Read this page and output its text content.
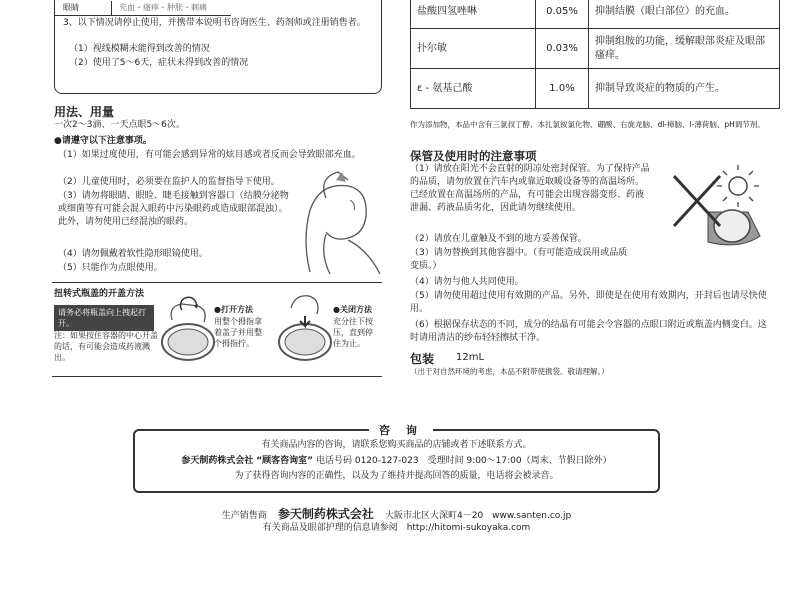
眼睛	充血・瘙痒・肿胀・刺痛
3、以下情况请停止使用，并携带本说明书咨询医生、药剂师或注册销售者。
（1）视线模糊未能得到改善的情况
（2）使用了5～6天，症状未得到改善的情况
用法、用量
一次2～3滴、一天点眼5～6次。
●请遵守以下注意事项。
（1）如果过度使用，有可能会感到异常的炫目感或者反而会导致眼部充血。
（2）儿童使用时，必须要在监护人的监督指导下使用。
（3）请勿将眼睛、眼睑、睫毛接触到容器口（结膜分泌物或细菌等有可能会混入眼药中污染眼药或造成眼部混浊）。此外，请勿使用已经混浊的眼药。
（4）请勿佩戴着软性隐形眼镜使用。
（5）只能作为点眼使用。
扭转式瓶盖的开盖方法
请务必将瓶盖向上拽起打开。
注：如果按住容器的中心开盖的话，有可能会造成药液溅出。
●打开方法
用整个拇指拿着盖子并用整个拇指拧。
●关闭方法
充分往下按压，直到停住为止。
盐酸四氢唑啉	0.05%	抑制结膜（眼白部位）的充血。
扑尔敏	0.03%	抑制组胺的功能，缓解眼部炎症及眼部瘙痒。
ε - 氨基己酸	1.0%	抑制导致炎症的物质的产生。
作为添加物，本品中含有三氯叔丁醇、本扎氯铵氯化物、硼酸、右旋龙脑、dl-樟脑、l-薄荷脑、pH调节剂。
保管及使用时的注意事项
（1）请放在阳光不会直射的阴凉处密封保管。为了保持产品的品质，请勿放置在汽车内或靠近取暖设备等的高温场所。已经放置在高温场所的产品，有可能会出现容器变形、药液泄漏、药液品质劣化，因此请勿继续使用。
（2）请放在儿童触及不到的地方妥善保管。
（3）请勿替换到其他容器中。（有可能造成误用或品质变质。）
（4）请勿与他人共同使用。
（5）请勿使用超过使用有效期的产品。另外，即使是在使用有效期内，开封后也请尽快使用。
（6）根据保存状态的不同，成分的结晶有可能会令容器的点眼口附近或瓶盖内侧变白。这时请用清洁的纱布轻轻擦拭干净。
包装 12mL
（出于对自然环境的考虑，本品不附带使携袋。敬请理解。）
咨 询
有关商品内容的咨询，请联系您购买商品的店铺或者下述联系方式。
参天制药株式会社 “顾客咨询室” 电话号码 0120-127-023　受理时间 9:00～17:00（周末、节假日除外）
为了获得咨询内容的正确性，以及为了维持并提高回答的质量，电话将会被录音。
生产销售商 参天制药株式会社 大阪市北区大深町4－20　www.santen.co.jp
有关商品及眼部护理的信息请参阅　http://hitomi-sukoyaka.com
